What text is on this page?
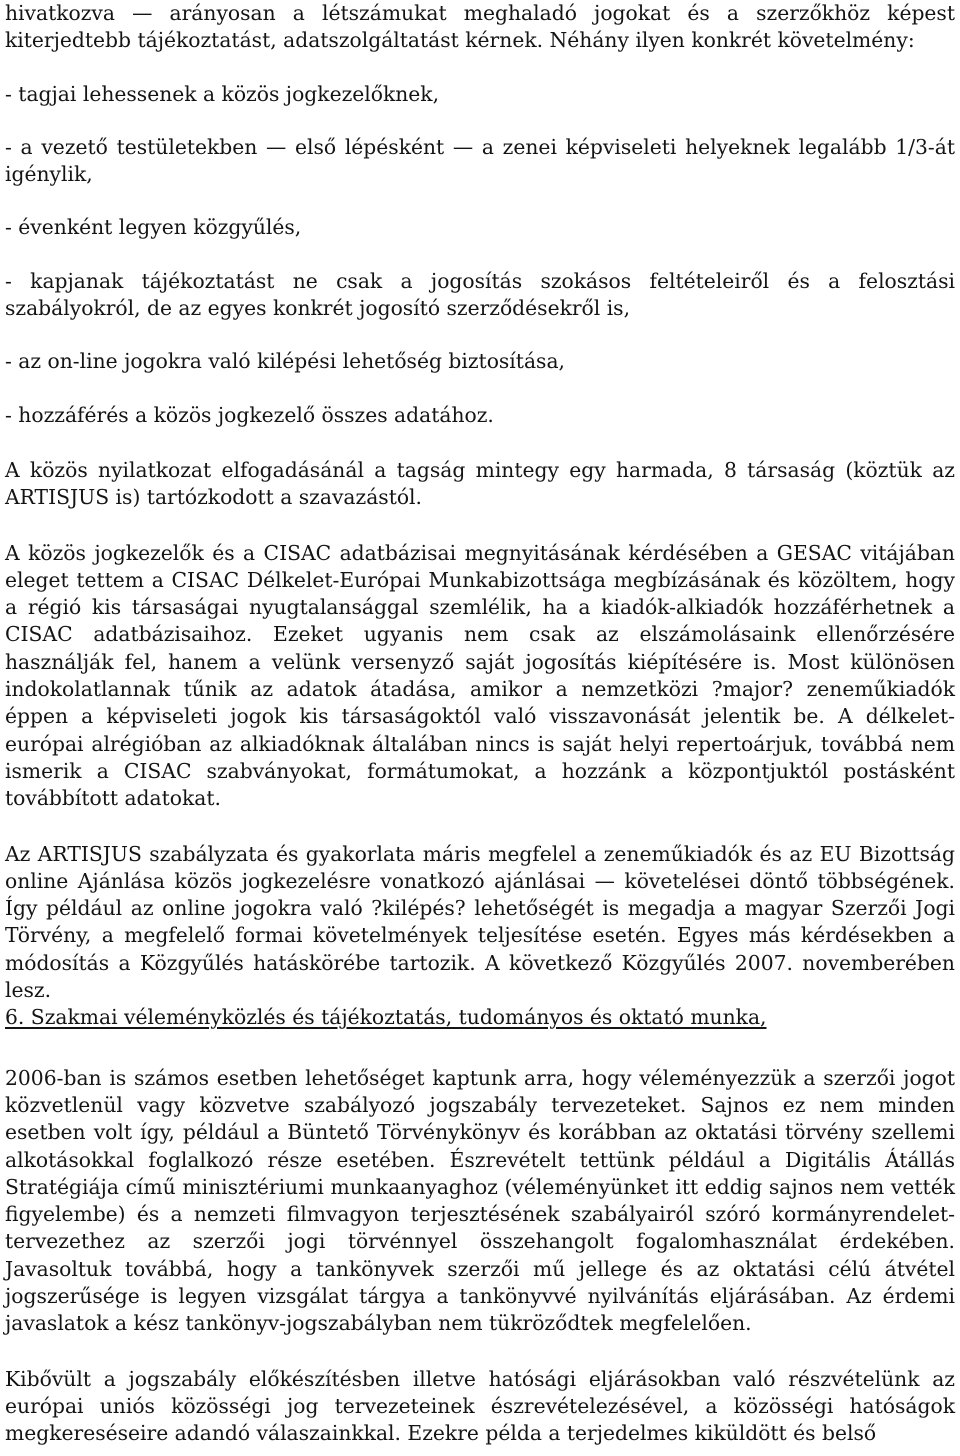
hivatkozva — arányosan a létszámukat meghaladó jogokat és a szerzőkhöz képest kiterjedtebb tájékoztatást, adatszolgáltatást kérnek. Néhány ilyen konkrét követelmény:

- tagjai lehessenek a közös jogkezelőknek,

- a vezető testületekben — első lépésként — a zenei képviseleti helyeknek legalább 1/3-át igénylik,

- évenként legyen közgyűlés,

- kapjanak tájékoztatást ne csak a jogosítás szokásos feltételeiről és a felosztási szabályokról, de az egyes konkrét jogosító szerződésekről is,

- az on-line jogokra való kilépési lehetőség biztosítása,

- hozzáférés a közös jogkezelő összes adatához.

A közös nyilatkozat elfogadásánál a tagság mintegy egy harmada, 8 társaság (köztük az ARTISJUS is) tartózkodott a szavazástól.

A közös jogkezelők és a CISAC adatbázisai megnyitásának kérdésében a GESAC vitájában eleget tettem a CISAC Délkelet-Európai Munkabizottsága megbízásának és közöltem, hogy a régió kis társaságai nyugtalansággal szemlélik, ha a kiadók-alkiadók hozzáférhetnek a CISAC adatbázisaihoz. Ezeket ugyanis nem csak az elszámolásaink ellenőrzésére használják fel, hanem a velünk versenyző saját jogosítás kiépítésére is. Most különösen indokolatlannak tűnik az adatok átadása, amikor a nemzetközi ?major? zeneműkiadók éppen a képviseleti jogok kis társaságoktól való visszavonását jelentik be. A délkelet-európai alrégióban az alkiadóknak általában nincs is saját helyi repertoárjuk, továbbá nem ismerik a CISAC szabványokat, formátumokat, a hozzánk a központjuktól postásként továbbított adatokat.

Az ARTISJUS szabályzata és gyakorlata máris megfelel a zeneműkiadók és az EU Bizottság online Ajánlása közös jogkezelésre vonatkozó ajánlásai — követelései döntő többségének. Így például az online jogokra való ?kilépés? lehetőségét is megadja a magyar Szerzői Jogi Törvény, a megfelelő formai követelmények teljesítése esetén. Egyes más kérdésekben a módosítás a Közgyűlés hatáskörébe tartozik. A következő Közgyűlés 2007. novemberében lesz.

6. Szakmai véleményközlés és tájékoztatás, tudományos és oktató munka,

2006-ban is számos esetben lehetőséget kaptunk arra, hogy véleményezzük a szerzői jogot közvetlenül vagy közvetve szabályozó jogszabály tervezeteket. Sajnos ez nem minden esetben volt így, például a Büntető Törvénykönyv és korábban az oktatási törvény szellemi alkotásokkal foglalkozó része esetében. Észrevételt tettünk például a Digitális Átállás Stratégiája című minisztériumi munkaanyaghoz (véleményünket itt eddig sajnos nem vették figyelembe) és a nemzeti filmvagyon terjesztésének szabályairól szóró kormányrendelet-tervezethez az szerzői jogi törvénnyel összehangolt fogalomhasználat érdekében. Javasoltuk továbbá, hogy a tankönyvek szerzői mű jellege és az oktatási célú átvétel jogszerűsége is legyen vizsgálat tárgya a tankönyvvé nyilvánítás eljárásában. Az érdemi javaslatok a kész tankönyv-jogszabályban nem tükröződtek megfelelően.

Kibővült a jogszabály előkészítésben illetve hatósági eljárásokban való részvételünk az európai uniós közösségi jog tervezeteinek észrevételezésével, a közösségi hatóságok megkereséseire adandó válaszainkkal. Ezekre példa a terjedelmes kiküldött és belső
